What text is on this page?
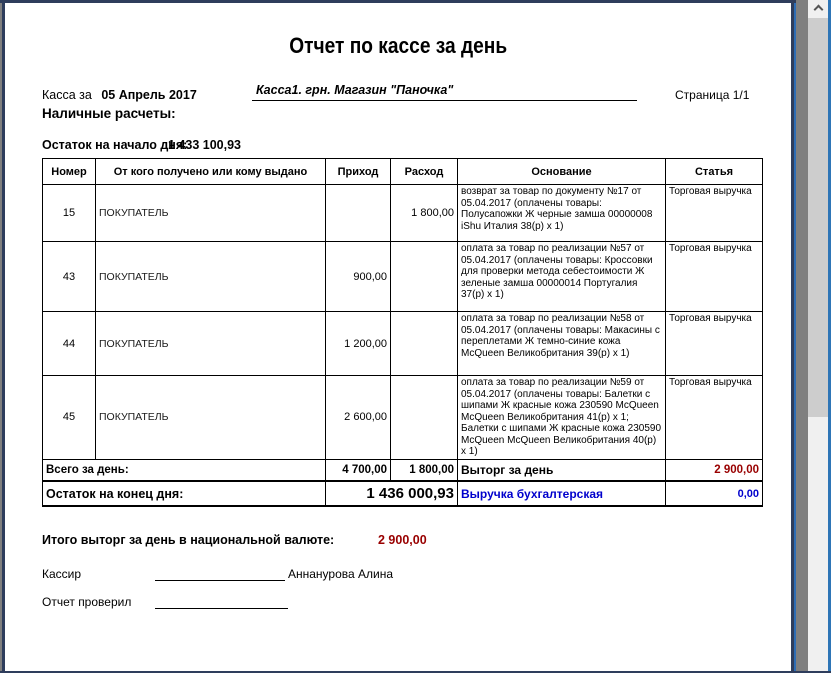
Отчет по кассе за день
Касса за 05 Апрель 2017	Касса1. грн. Магазин "Паночка"	Страница 1/1
Наличные расчеты:
Остаток на начало дня:
1 433 100,93
Номер	От кого получено или кому выдано	Приход	Расход	Основание	Статья
15	ПОКУПАТЕЛЬ		1 800,00	возврат за товар по документу №17 от 05.04.2017 (оплачены товары: Полусапожки Ж черные замша 00000008 iShu Италия 38(р) х 1)	Торговая выручка
43	ПОКУПАТЕЛЬ	900,00		оплата за товар по реализации №57 от 05.04.2017 (оплачены товары: Кроссовки для проверки метода себестоимости Ж зеленые замша 00000014 Португалия 37(р) х 1)	Торговая выручка
44	ПОКУПАТЕЛЬ	1 200,00		оплата за товар по реализации №58 от 05.04.2017 (оплачены товары: Макасины с переплетами Ж темно-синие кожа McQueen Великобритания 39(р) х 1)	Торговая выручка
45	ПОКУПАТЕЛЬ	2 600,00		оплата за товар по реализации №59 от 05.04.2017 (оплачены товары: Балетки с шипами Ж красные кожа 230590 McQueen McQueen Великобритания 41(р) х 1; Балетки с шипами Ж красные кожа 230590 McQueen McQueen Великобритания 40(р) х 1)	Торговая выручка
Всего за день:		4 700,00	1 800,00	Выторг за день	2 900,00
Остаток на конец дня:		1 436 000,93		Выручка бухгалтерская	0,00
Итого выторг за день в национальной валюте:	2 900,00
Кассир	Аннанурова Алина
Отчет проверил
